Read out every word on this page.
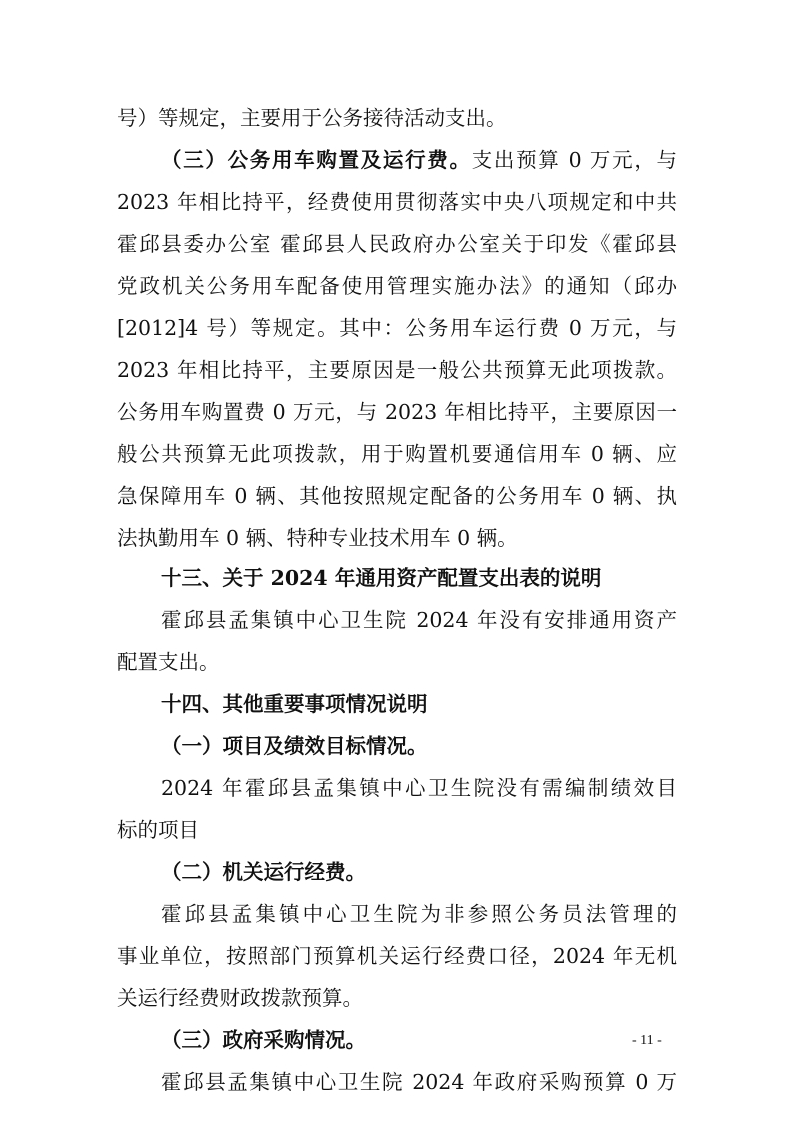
号）等规定，主要用于公务接待活动支出。
（三）公务用车购置及运行费。支出预算 0 万元，与
2023 年相比持平，经费使用贯彻落实中央八项规定和中共
霍邱县委办公室 霍邱县人民政府办公室关于印发《霍邱县
党政机关公务用车配备使用管理实施办法》的通知（邱办
[2012]4 号）等规定。其中：公务用车运行费 0 万元，与
2023 年相比持平，主要原因是一般公共预算无此项拨款。
公务用车购置费 0 万元，与 2023 年相比持平，主要原因一
般公共预算无此项拨款，用于购置机要通信用车 0 辆、应
急保障用车 0 辆、其他按照规定配备的公务用车 0 辆、执
法执勤用车 0 辆、特种专业技术用车 0 辆。
十三、关于 2024 年通用资产配置支出表的说明
霍邱县孟集镇中心卫生院 2024 年没有安排通用资产
配置支出。
十四、其他重要事项情况说明
（一）项目及绩效目标情况。
2024 年霍邱县孟集镇中心卫生院没有需编制绩效目
标的项目
（二）机关运行经费。
霍邱县孟集镇中心卫生院为非参照公务员法管理的
事业单位，按照部门预算机关运行经费口径，2024 年无机
关运行经费财政拨款预算。
（三）政府采购情况。
霍邱县孟集镇中心卫生院 2024 年政府采购预算 0 万
- 11 -
